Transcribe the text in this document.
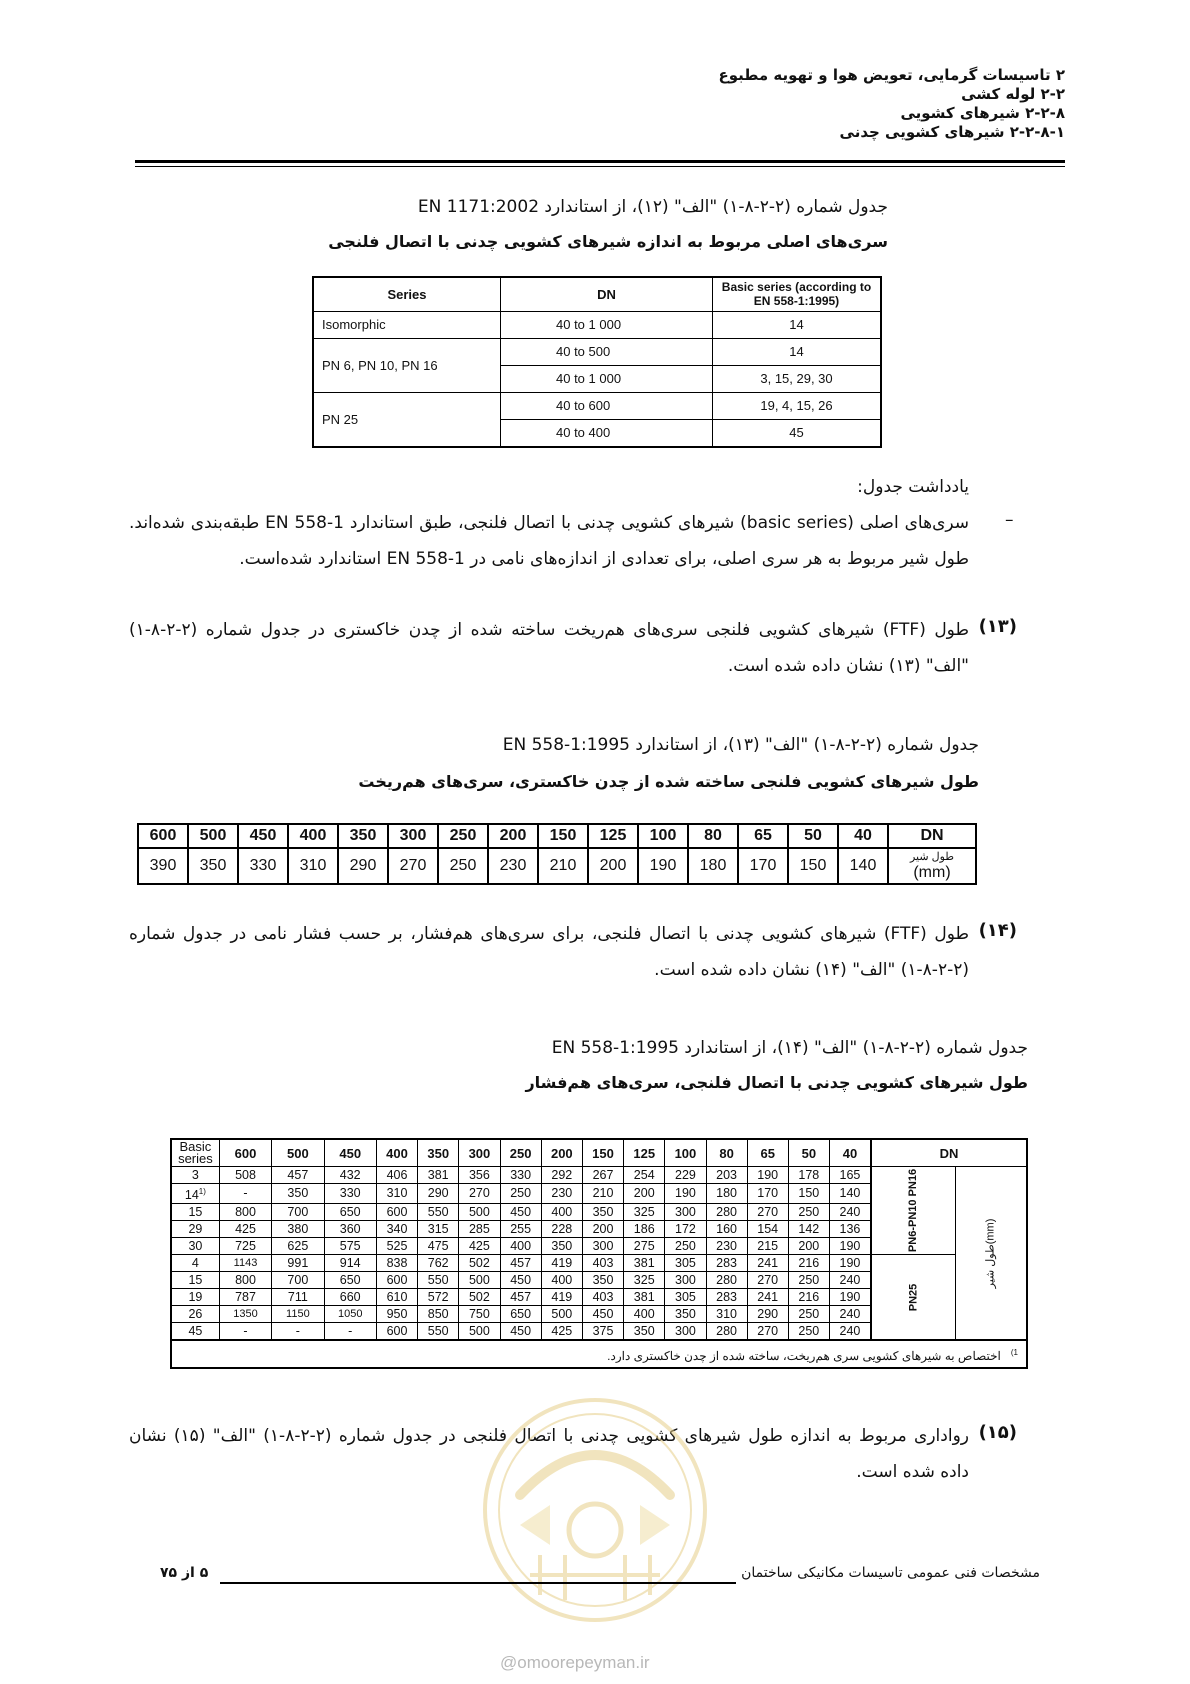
۲ تاسیسات گرمایی، تعویض هوا و تهویه مطبوع
۲-۲ لوله کشی
۲-۲-۸ شیرهای کشویی
۲-۲-۸-۱ شیرهای کشویی چدنی
جدول شماره (۲-۲-۸-۱) "الف" (۱۲)، از استاندارد EN 1171:2002
سری‌های اصلی مربوط به اندازه شیرهای کشویی چدنی با اتصال فلنجی
Series	DN	Basic series (according to EN 558-1:1995)
Isomorphic	40 to 1 000	14
PN 6, PN 10, PN 16	40 to 500	14
	40 to 1 000	3, 15, 29, 30
PN 25	40 to 600	19, 4, 15, 26
	40 to 400	45
یادداشت جدول:
–
سری‌های اصلی (basic series) شیرهای کشویی چدنی با اتصال فلنجی، طبق استاندارد EN 558-1 طبقه‌بندی شده‌اند. طول شیر مربوط به هر سری اصلی، برای تعدادی از اندازه‌های نامی در EN 558-1 استاندارد شده‌است.
(۱۳)
طول (FTF) شیرهای کشویی فلنجی سری‌های هم‌ریخت ساخته شده از چدن خاکستری در جدول شماره (۲-۲-۸-۱) "الف" (۱۳) نشان داده شده است.
جدول شماره (۲-۲-۸-۱) "الف" (۱۳)، از استاندارد EN 558-1:1995
طول شیرهای کشویی فلنجی ساخته شده از چدن خاکستری، سری‌های هم‌ریخت
600	500	450	400	350	300	250	200	150	125	100	80	65	50	40	DN
390	350	330	310	290	270	250	230	210	200	190	180	170	150	140	طول شیر
(mm)
(۱۴)
طول (FTF) شیرهای کشویی چدنی با اتصال فلنجی، برای سری‌های هم‌فشار، بر حسب فشار نامی در جدول شماره (۲-۲-۸-۱) "الف" (۱۴) نشان داده شده است.
جدول شماره (۲-۲-۸-۱) "الف" (۱۴)، از استاندارد EN 558-1:1995
طول شیرهای کشویی چدنی با اتصال فلنجی، سری‌های هم‌فشار
Basic series	600	500	450	400	350	300	250	200	150	125	100	80	65	50	40	DN	
3	508	457	432	406	381	356	330	292	267	254	229	203	190	178	165	PN6-PN10 PN16	طول شیر(mm)
14$^{1)}$	-	350	330	310	290	270	250	230	210	200	190	180	170	150	140		
15	800	700	650	600	550	500	450	400	350	325	300	280	270	250	240		
29	425	380	360	340	315	285	255	228	200	186	172	160	154	142	136		
30	725	625	575	525	475	425	400	350	300	275	250	230	215	200	190		
4	1143	991	914	838	762	502	457	419	403	381	305	283	241	216	190	PN25	
15	800	700	650	600	550	500	450	400	350	325	300	280	270	250	240		
19	787	711	660	610	572	502	457	419	403	381	305	283	241	216	190		
26	1350	1150	1050	950	850	750	650	500	450	400	350	310	290	250	240		
45	-	-	-	600	550	500	450	425	375	350	300	280	270	250	240		
$^{1)}$اختصاص به شیرهای کشویی سری هم‌ریخت، ساخته شده از چدن خاکستری دارد.																	
(۱۵)
رواداری مربوط به اندازه طول شیرهای کشویی چدنی با اتصال فلنجی در جدول شماره (۲-۲-۸-۱) "الف" (۱۵) نشان داده شده است.
مشخصات فنی عمومی تاسیسات مکانیکی ساختمان
۵ از ۷۵
@omoorepeyman.ir
